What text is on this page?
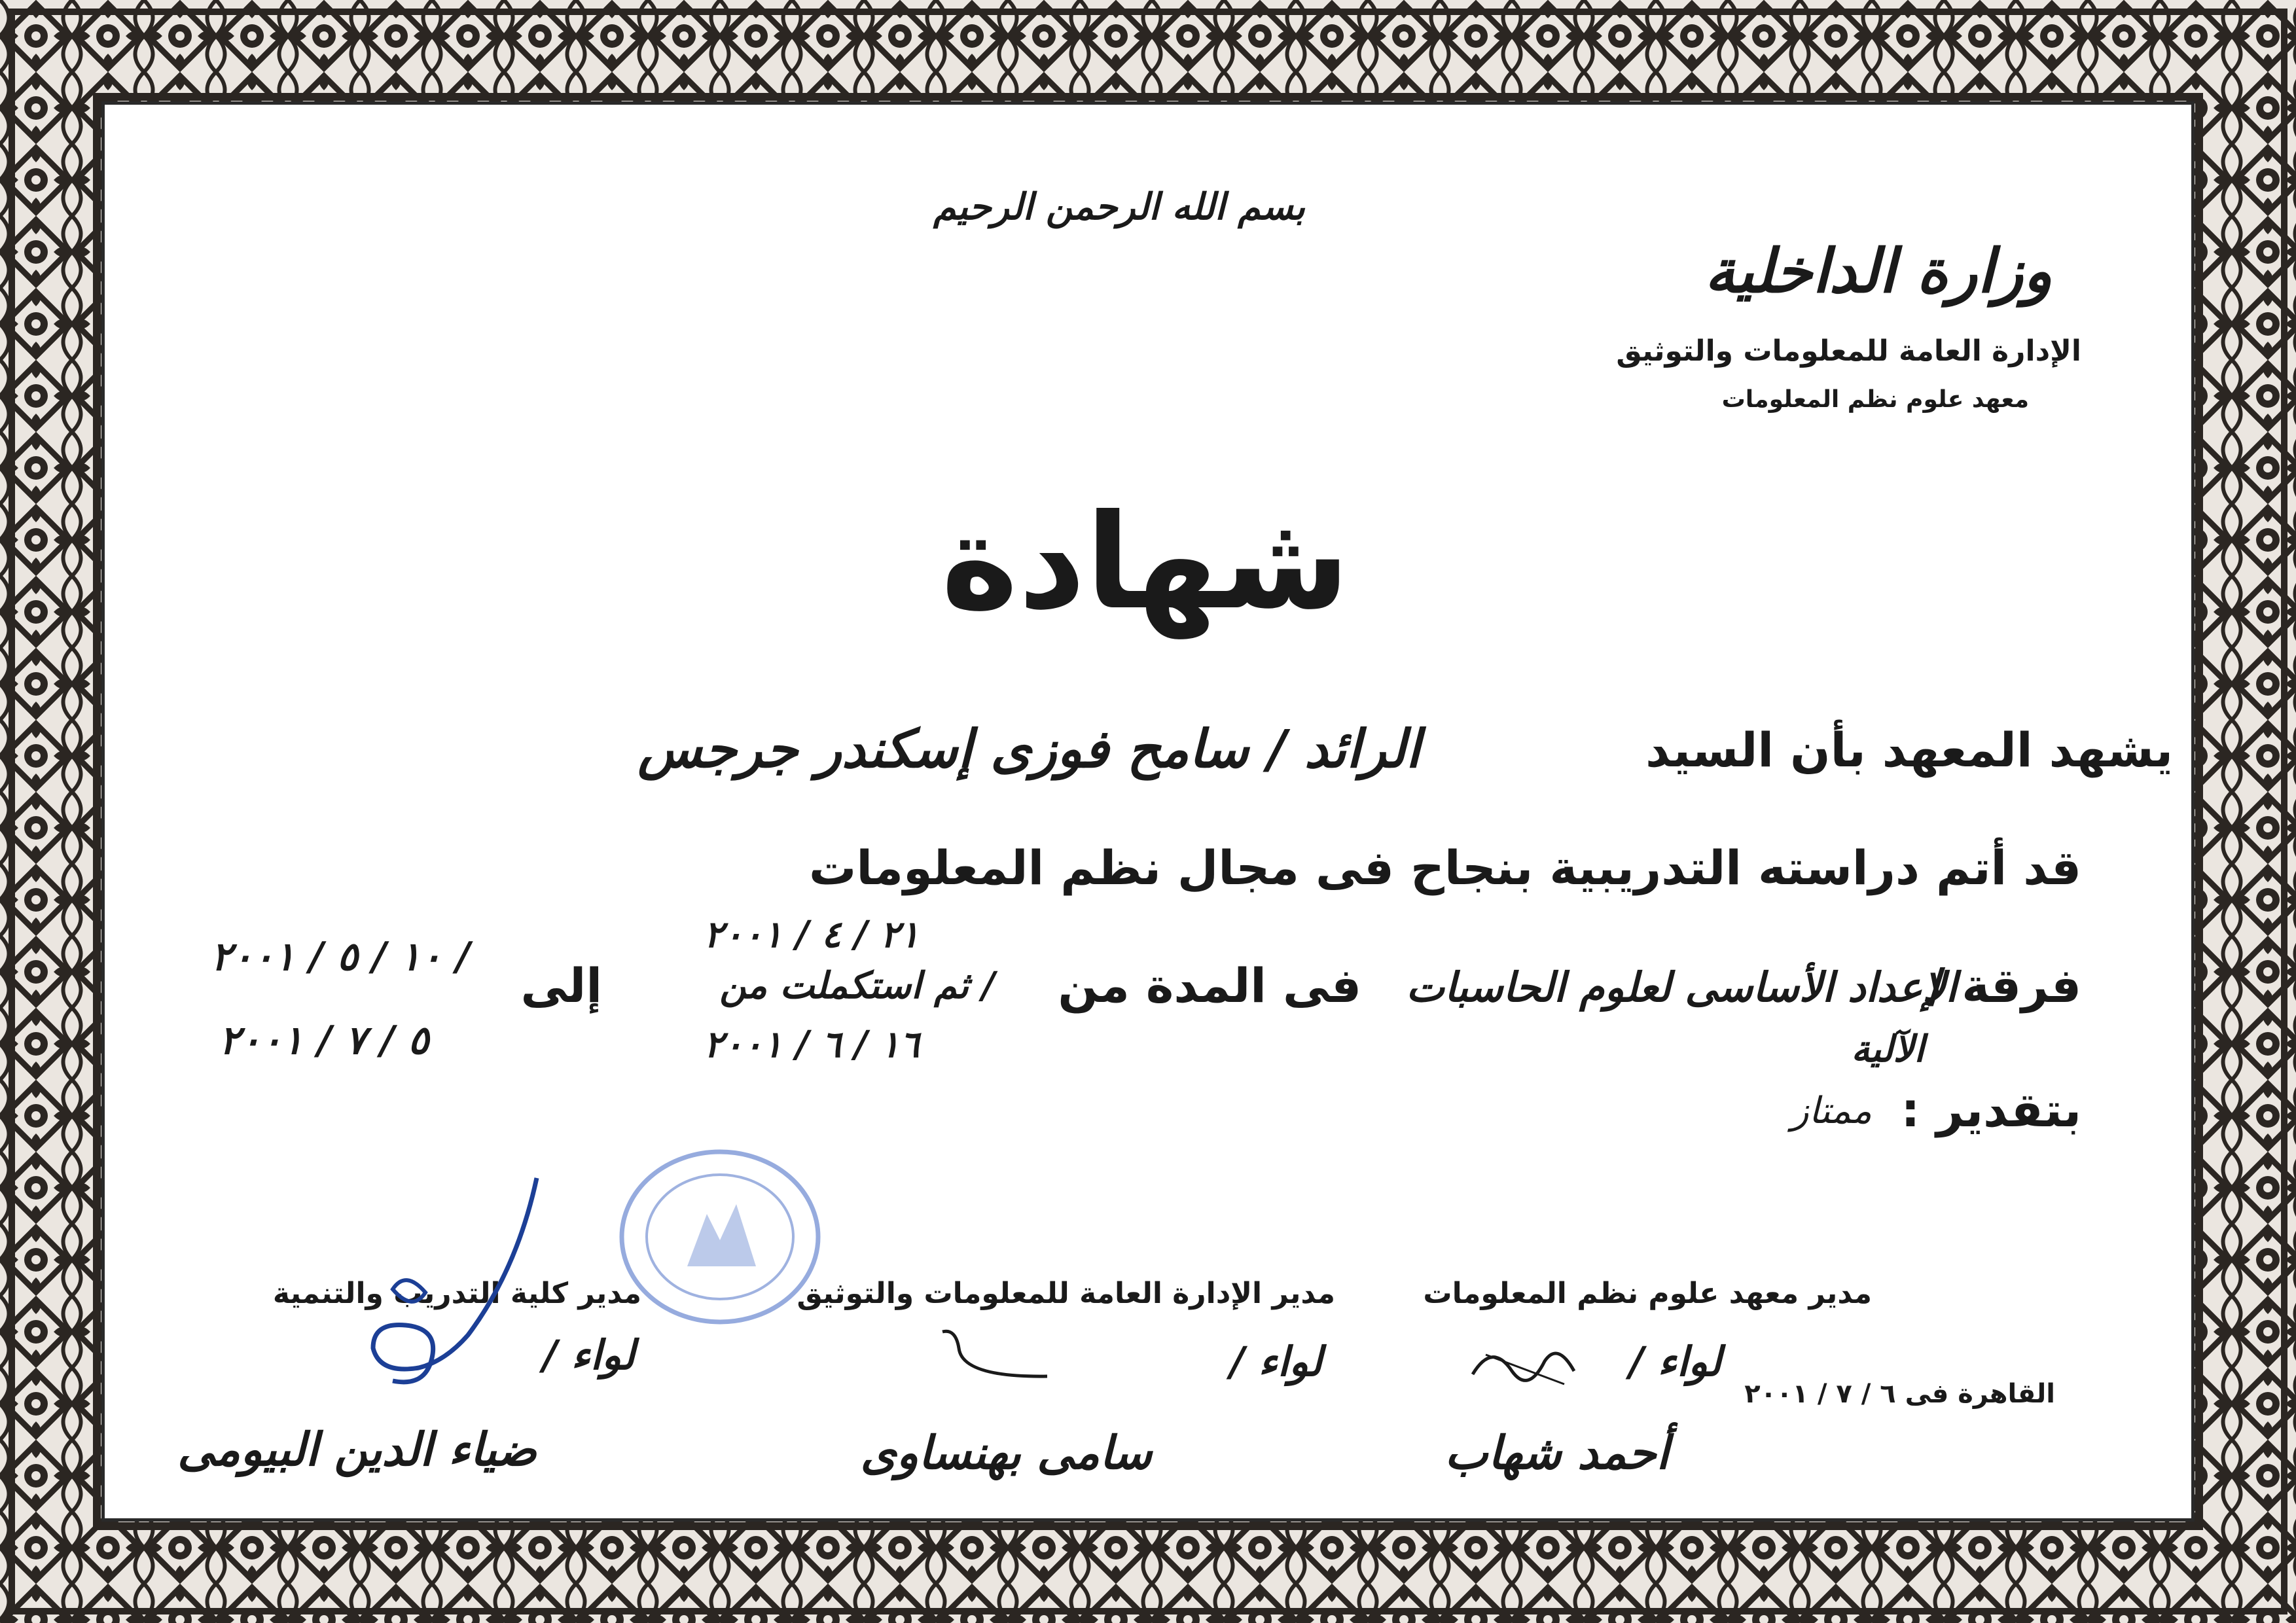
بسم الله الرحمن الرحيم
وزارة الداخلية
الإدارة العامة للمعلومات والتوثيق
معهد علوم نظم المعلومات
شهادة
يشهد المعهد بأن السيد
الرائد / سامح فوزى إسكندر جرجس
قد أتم دراسته التدريبية بنجاح فى مجال نظم المعلومات
فرقة /
الإعداد الأساسى لعلوم الحاسبات
الآلية
فى المدة من
٢١ / ٤ / ٢٠٠١
/ ثم استكملت من
١٦ / ٦ / ٢٠٠١
إلى
/ ١٠ / ٥ / ٢٠٠١
٥ / ٧ / ٢٠٠١
بتقدير :
ممتاز
مدير معهد علوم نظم المعلومات
مدير الإدارة العامة للمعلومات والتوثيق
مدير كلية التدريب والتنمية
لواء /
لواء /
لواء /
القاهرة فى ٦ / ٧ / ٢٠٠١
أحمد شهاب
سامى بهنساوى
ضياء الدين البيومى
